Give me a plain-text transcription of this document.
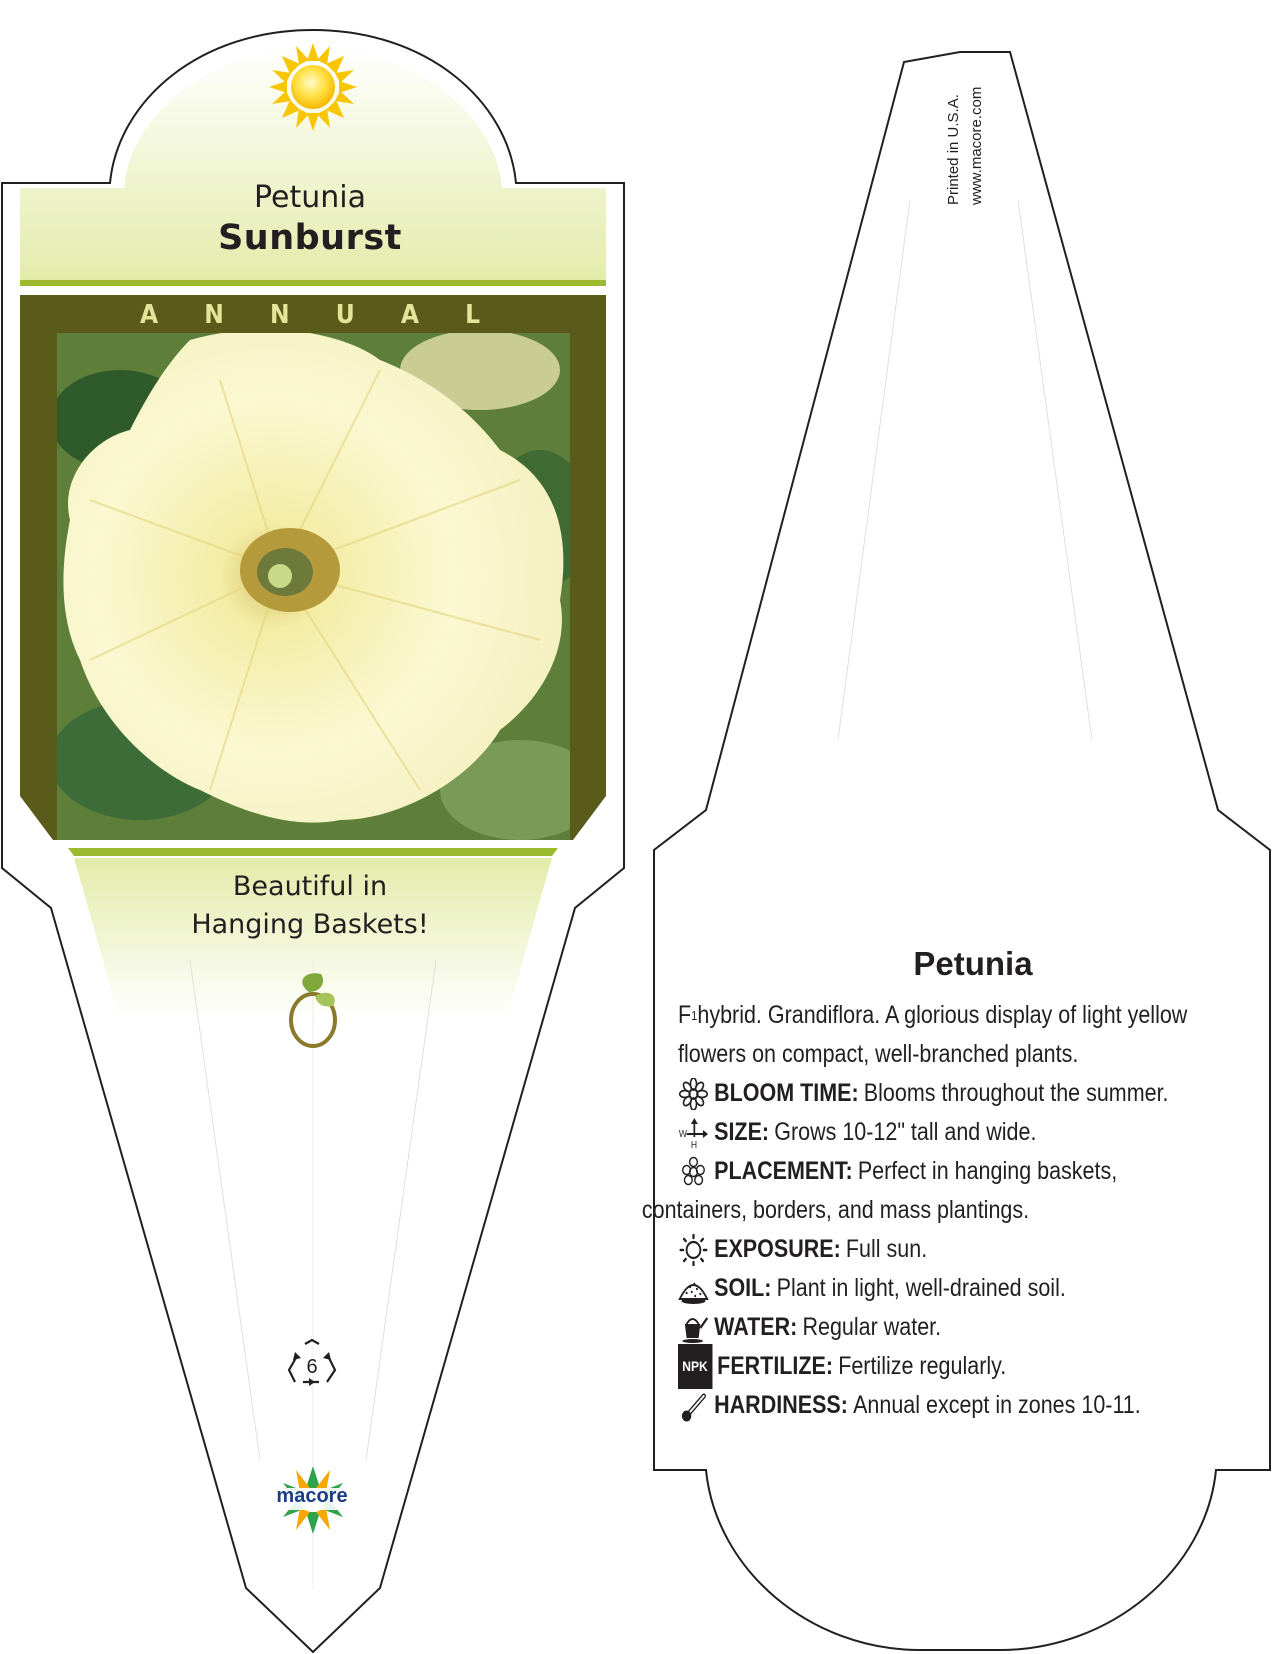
Petunia
Sunburst
A N N U A L
Beautiful in
Hanging Baskets!
6
macore
Printed in U.S.A. www.macore.com
Petunia
F 1 hybrid. Grandiflora. A glorious display of light yellow
flowers on compact, well-branched plants.
BLOOM TIME: Blooms throughout the summer.
W
H SIZE: Grows 10-12" tall and wide.
PLACEMENT: Perfect in hanging baskets,
containers, borders, and mass plantings.
EXPOSURE: Full sun.
SOIL: Plant in light, well-drained soil.
WATER: Regular water.
NPK FERTILIZE: Fertilize regularly.
HARDINESS: Annual except in zones 10-11.
